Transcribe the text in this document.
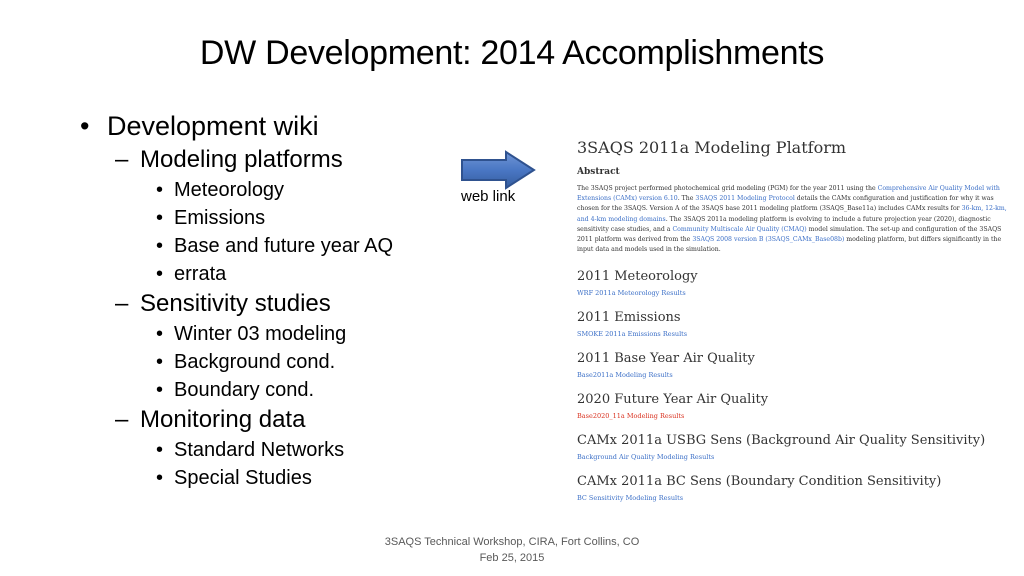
DW Development: 2014 Accomplishments
• Development wiki
– Modeling platforms
• Meteorology
• Emissions
• Base and future year AQ
• errata
– Sensitivity studies
• Winter 03 modeling
• Background cond.
• Boundary cond.
– Monitoring data
• Standard Networks
• Special Studies
web link
3SAQS 2011a Modeling Platform
Abstract
The 3SAQS project performed photochemical grid modeling (PGM) for the year 2011 using the Comprehensive Air Quality Model with Extensions (CAMx) version 6.10. The 3SAQS 2011 Modeling Protocol details the CAMx configuration and justification for why it was chosen for the 3SAQS. Version A of the 3SAQS base 2011 modeling platform (3SAQS_Base11a) includes CAMx results for 36-km, 12-km, and 4-km modeling domains. The 3SAQS 2011a modeling platform is evolving to include a future projection year (2020), diagnostic sensitivity case studies, and a Community Multiscale Air Quality (CMAQ) model simulation. The set-up and configuration of the 3SAQS 2011 platform was derived from the 3SAQS 2008 version B (3SAQS_CAMx_Base08b) modeling platform, but differs significantly in the input data and models used in the simulation.
2011 Meteorology
WRF 2011a Meteorology Results
2011 Emissions
SMOKE 2011a Emissions Results
2011 Base Year Air Quality
Base2011a Modeling Results
2020 Future Year Air Quality
Base2020_11a Modeling Results
CAMx 2011a USBG Sens (Background Air Quality Sensitivity)
Background Air Quality Modeling Results
CAMx 2011a BC Sens (Boundary Condition Sensitivity)
BC Sensitivity Modeling Results
3SAQS Technical Workshop, CIRA, Fort Collins, CO
Feb 25, 2015
